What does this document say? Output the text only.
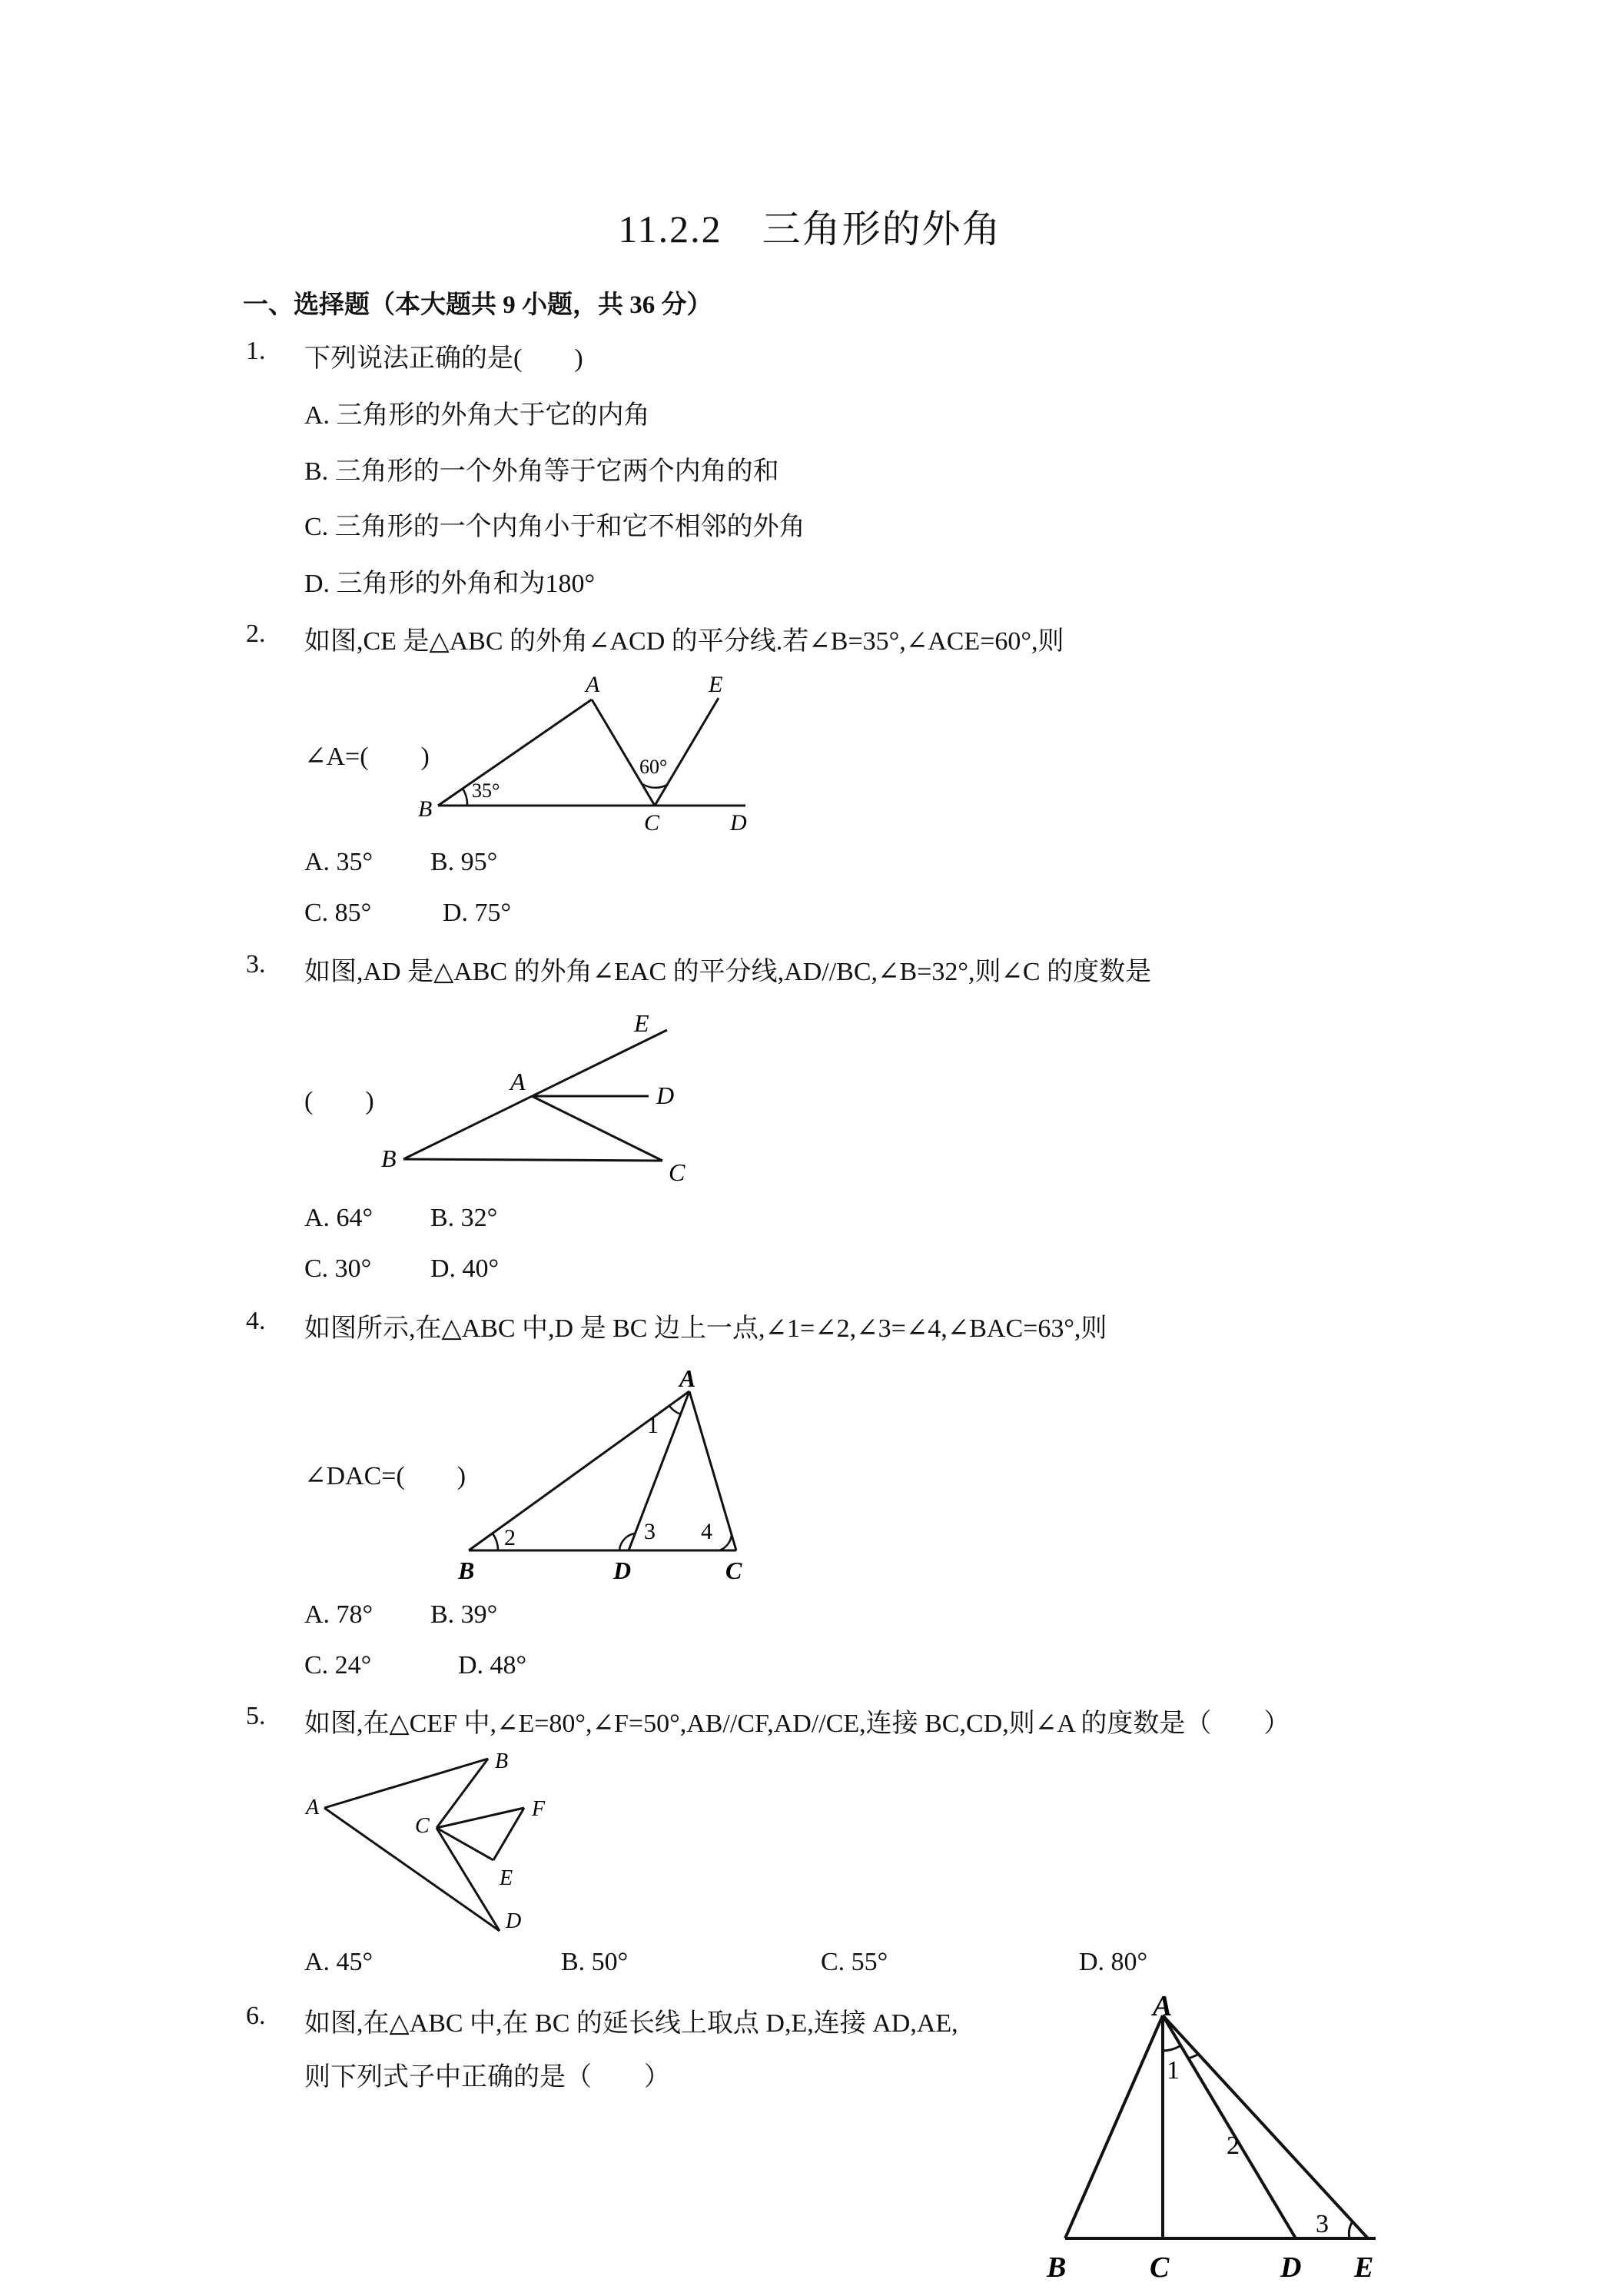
11.2.2　三角形的外角
一、选择题（本大题共 9 小题，共 36 分）
1. 下列说法正确的是(　　)
A. 三角形的外角大于它的内角
B. 三角形的一个外角等于它两个内角的和
C. 三角形的一个内角小于和它不相邻的外角
D. 三角形的外角和为180°
2. 如图,CE 是△ABC 的外角∠ACD 的平分线.若∠B=35°,∠ACE=60°,则
∠A=(　　)
A	E
B
C	D
35°
60°
A. 35° B. 95°
C. 85°	D. 75°
3. 如图,AD 是△ABC 的外角∠EAC 的平分线,AD//BC,∠B=32°,则∠C 的度数是
(　　)
E
A	D
B	C
A. 64° B. 32°
C. 30° D. 40°
4. 如图所示,在△ABC 中,D 是 BC 边上一点,∠1=∠2,∠3=∠4,∠BAC=63°,则
∠DAC=(　　)
A
B	D	C
1
2	3 4
A. 78° B. 39°
C. 24°	D. 48°
5. 如图,在△CEF 中,∠E=80°,∠F=50°,AB//CF,AD//CE,连接 BC,CD,则∠A 的度数是（　　）
A
B
C
F
E
D
A. 45°	B. 50°	C. 55°	D. 80°
6. 如图,在△ABC 中,在 BC 的延长线上取点 D,E,连接 AD,AE,
则下列式子中正确的是（　　）
A
B	C	D E
1
2
3
